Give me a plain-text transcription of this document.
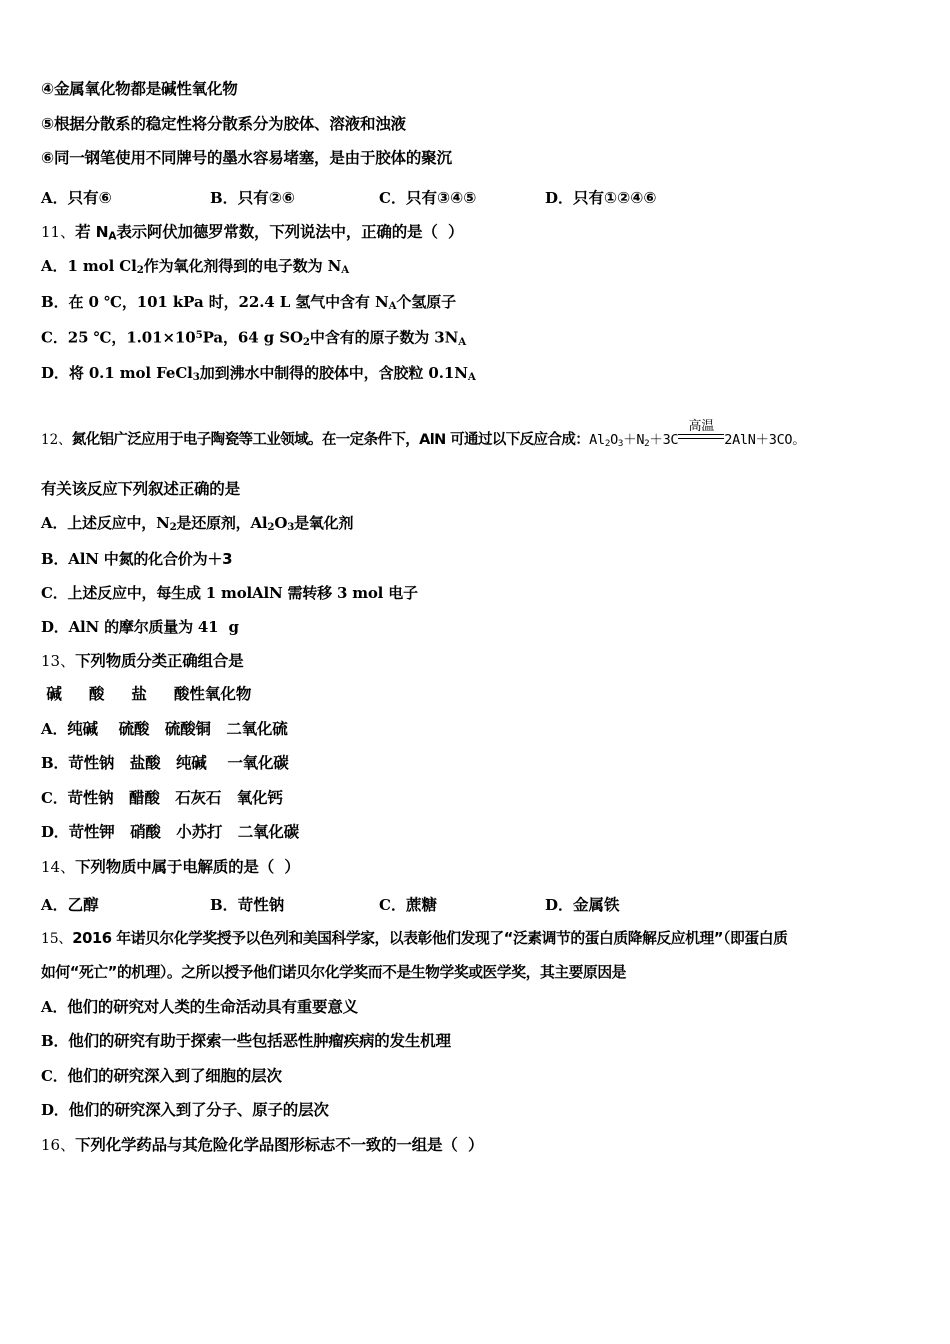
④金属氧化物都是碱性氧化物
⑤根据分散系的稳定性将分散系分为胶体、溶液和浊液
⑥同一钢笔使用不同牌号的墨水容易堵塞，是由于胶体的聚沉
A．只有⑥	B．只有②⑥	C．只有③④⑤	D．只有①②④⑥
11、若 $N_A$表示阿伏加德罗常数，下列说法中，正确的是（  ）
A．1 mol $Cl_2$作为氧化剂得到的电子数为 $N_A$
B．在 0 ℃，101 kPa 时，22.4 L 氢气中含有 $N_A$个氢原子
C．25 ℃，$1.01\times 10^5Pa$，64 g $SO_2$中含有的原子数为 $3N_A$
D．将 0.1 mol FeCl$_3$加到沸水中制得的胶体中，含胶粒 $0.1N_A$
12、氮化铝广泛应用于电子陶瓷等工业领域。在一定条件下，AlN 可通过以下反应合成：$Al_2O_3+N_2+3C$
高温
2AlN＋3CO。
有关该反应下列叙述正确的是
A．上述反应中，$N_2$是还原剂，$Al_2O_3$是氧化剂
B．AlN 中氮的化合价为＋3
C．上述反应中，每生成 1 molAlN 需转移 3 mol 电子
D．AlN 的摩尔质量为 41  g
13、下列物质分类正确组合是
碱     酸     盐     酸性氧化物
A．纯碱    硫酸   硫酸铜   二氧化硫
B．苛性钠   盐酸   纯碱    一氧化碳
C．苛性钠   醋酸   石灰石   氧化钙
D．苛性钾   硝酸   小苏打   二氧化碳
14、下列物质中属于电解质的是（  ）
A．乙醇	B．苛性钠	C．蔗糖	D．金属铁
15、2016 年诺贝尔化学奖授予以色列和美国科学家，以表彰他们发现了“泛素调节的蛋白质降解反应机理”（即蛋白质
如何“死亡”的机理）。之所以授予他们诺贝尔化学奖而不是生物学奖或医学奖，其主要原因是
A．他们的研究对人类的生命活动具有重要意义
B．他们的研究有助于探索一些包括恶性肿瘤疾病的发生机理
C．他们的研究深入到了细胞的层次
D．他们的研究深入到了分子、原子的层次
16、下列化学药品与其危险化学品图形标志不一致的一组是（  ）
